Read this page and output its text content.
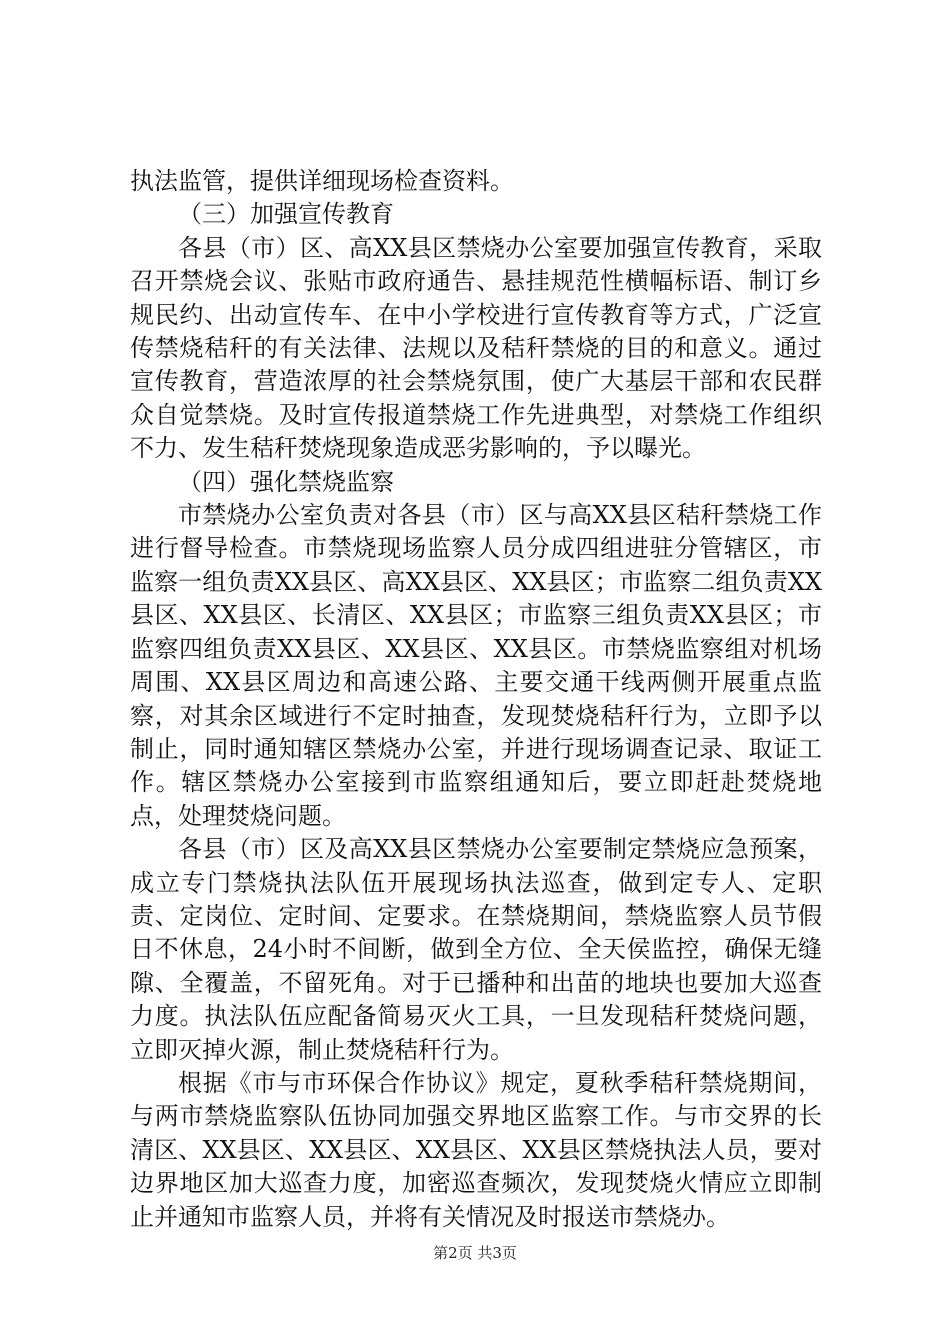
执法监管，提供详细现场检查资料。

（三）加强宣传教育

各县（市）区、高XX县区禁烧办公室要加强宣传教育，采取召开禁烧会议、张贴市政府通告、悬挂规范性横幅标语、制订乡规民约、出动宣传车、在中小学校进行宣传教育等方式，广泛宣传禁烧秸秆的有关法律、法规以及秸秆禁烧的目的和意义。通过宣传教育，营造浓厚的社会禁烧氛围，使广大基层干部和农民群众自觉禁烧。及时宣传报道禁烧工作先进典型，对禁烧工作组织不力、发生秸秆焚烧现象造成恶劣影响的，予以曝光。

（四）强化禁烧监察

市禁烧办公室负责对各县（市）区与高XX县区秸秆禁烧工作进行督导检查。市禁烧现场监察人员分成四组进驻分管辖区，市监察一组负责XX县区、高XX县区、XX县区；市监察二组负责XX县区、XX县区、长清区、XX县区；市监察三组负责XX县区；市监察四组负责XX县区、XX县区、XX县区。市禁烧监察组对机场周围、XX县区周边和高速公路、主要交通干线两侧开展重点监察，对其余区域进行不定时抽查，发现焚烧秸秆行为，立即予以制止，同时通知辖区禁烧办公室，并进行现场调查记录、取证工作。辖区禁烧办公室接到市监察组通知后，要立即赶赴焚烧地点，处理焚烧问题。

各县（市）区及高XX县区禁烧办公室要制定禁烧应急预案，成立专门禁烧执法队伍开展现场执法巡查，做到定专人、定职责、定岗位、定时间、定要求。在禁烧期间，禁烧监察人员节假日不休息，24小时不间断，做到全方位、全天侯监控，确保无缝隙、全覆盖，不留死角。对于已播种和出苗的地块也要加大巡查力度。执法队伍应配备简易灭火工具，一旦发现秸秆焚烧问题，立即灭掉火源，制止焚烧秸秆行为。

根据《市与市环保合作协议》规定，夏秋季秸秆禁烧期间，与两市禁烧监察队伍协同加强交界地区监察工作。与市交界的长清区、XX县区、XX县区、XX县区、XX县区禁烧执法人员，要对边界地区加大巡查力度，加密巡查频次，发现焚烧火情应立即制止并通知市监察人员，并将有关情况及时报送市禁烧办。

第2页 共3页
